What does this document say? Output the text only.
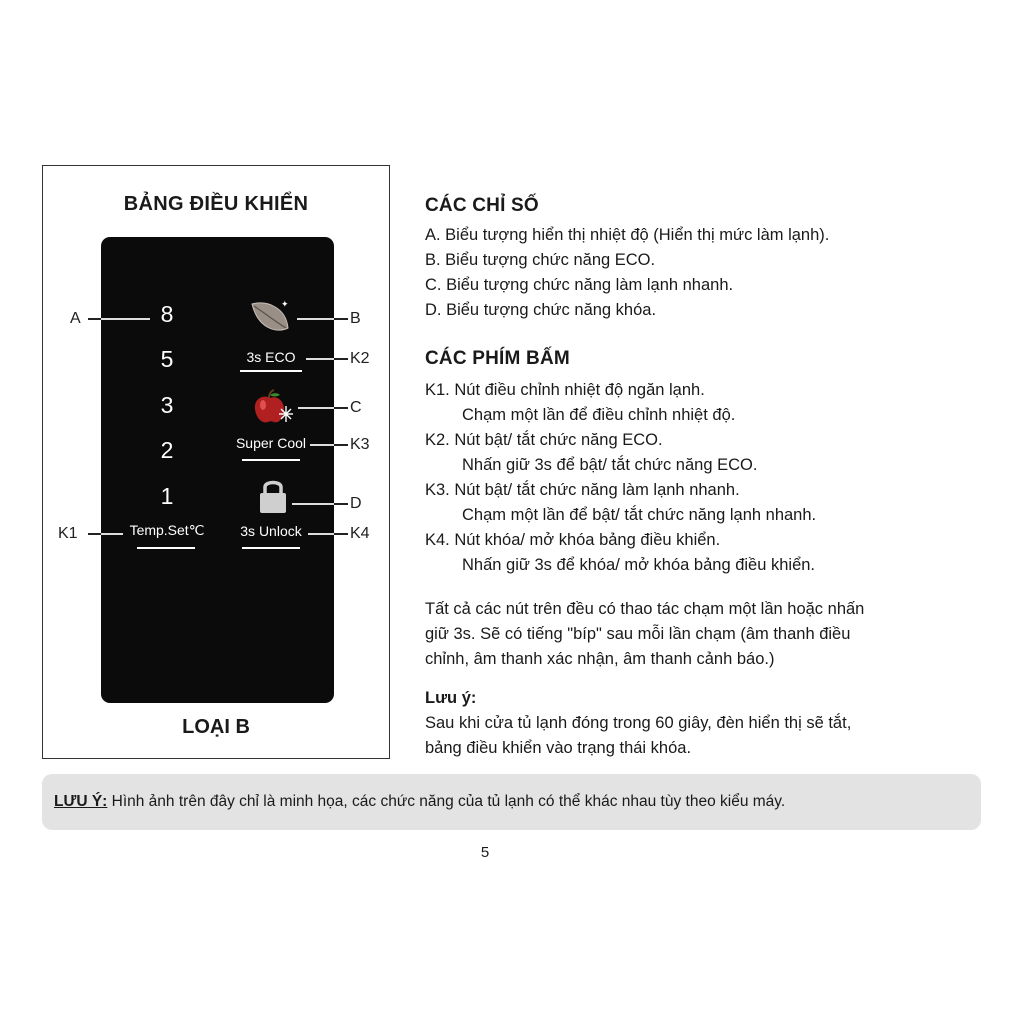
BẢNG ĐIỀU KHIỂN
8
5
3
2
1
✦
Temp.Set℃
3s ECO
Super Cool
3s Unlock
A	B
K2
C
K3
D
K1	K4
LOẠI B
CÁC CHỈ SỐ
A. Biểu tượng hiển thị nhiệt độ (Hiển thị mức làm lạnh).
B. Biểu tượng chức năng ECO.
C. Biểu tượng chức năng làm lạnh nhanh.
D. Biểu tượng chức năng khóa.
CÁC PHÍM BẤM
K1. Nút điều chỉnh nhiệt độ ngăn lạnh.
Chạm một lần để điều chỉnh nhiệt độ.
K2. Nút bật/ tắt chức năng ECO.
Nhấn giữ 3s để bật/ tắt chức năng ECO.
K3. Nút bật/ tắt chức năng làm lạnh nhanh.
Chạm một lần để bật/ tắt chức năng lạnh nhanh.
K4. Nút khóa/ mở khóa bảng điều khiển.
Nhấn giữ 3s để khóa/ mở khóa bảng điều khiển.
Tất cả các nút trên đều có thao tác chạm một lần hoặc nhấn
giữ 3s. Sẽ có tiếng "bíp" sau mỗi lần chạm (âm thanh điều
chỉnh, âm thanh xác nhận, âm thanh cảnh báo.)
Lưu ý:
Sau khi cửa tủ lạnh đóng trong 60 giây, đèn hiển thị sẽ tắt,
bảng điều khiển vào trạng thái khóa.
LƯU Ý: Hình ảnh trên đây chỉ là minh họa, các chức năng của tủ lạnh có thể khác nhau tùy theo kiểu máy.
5
